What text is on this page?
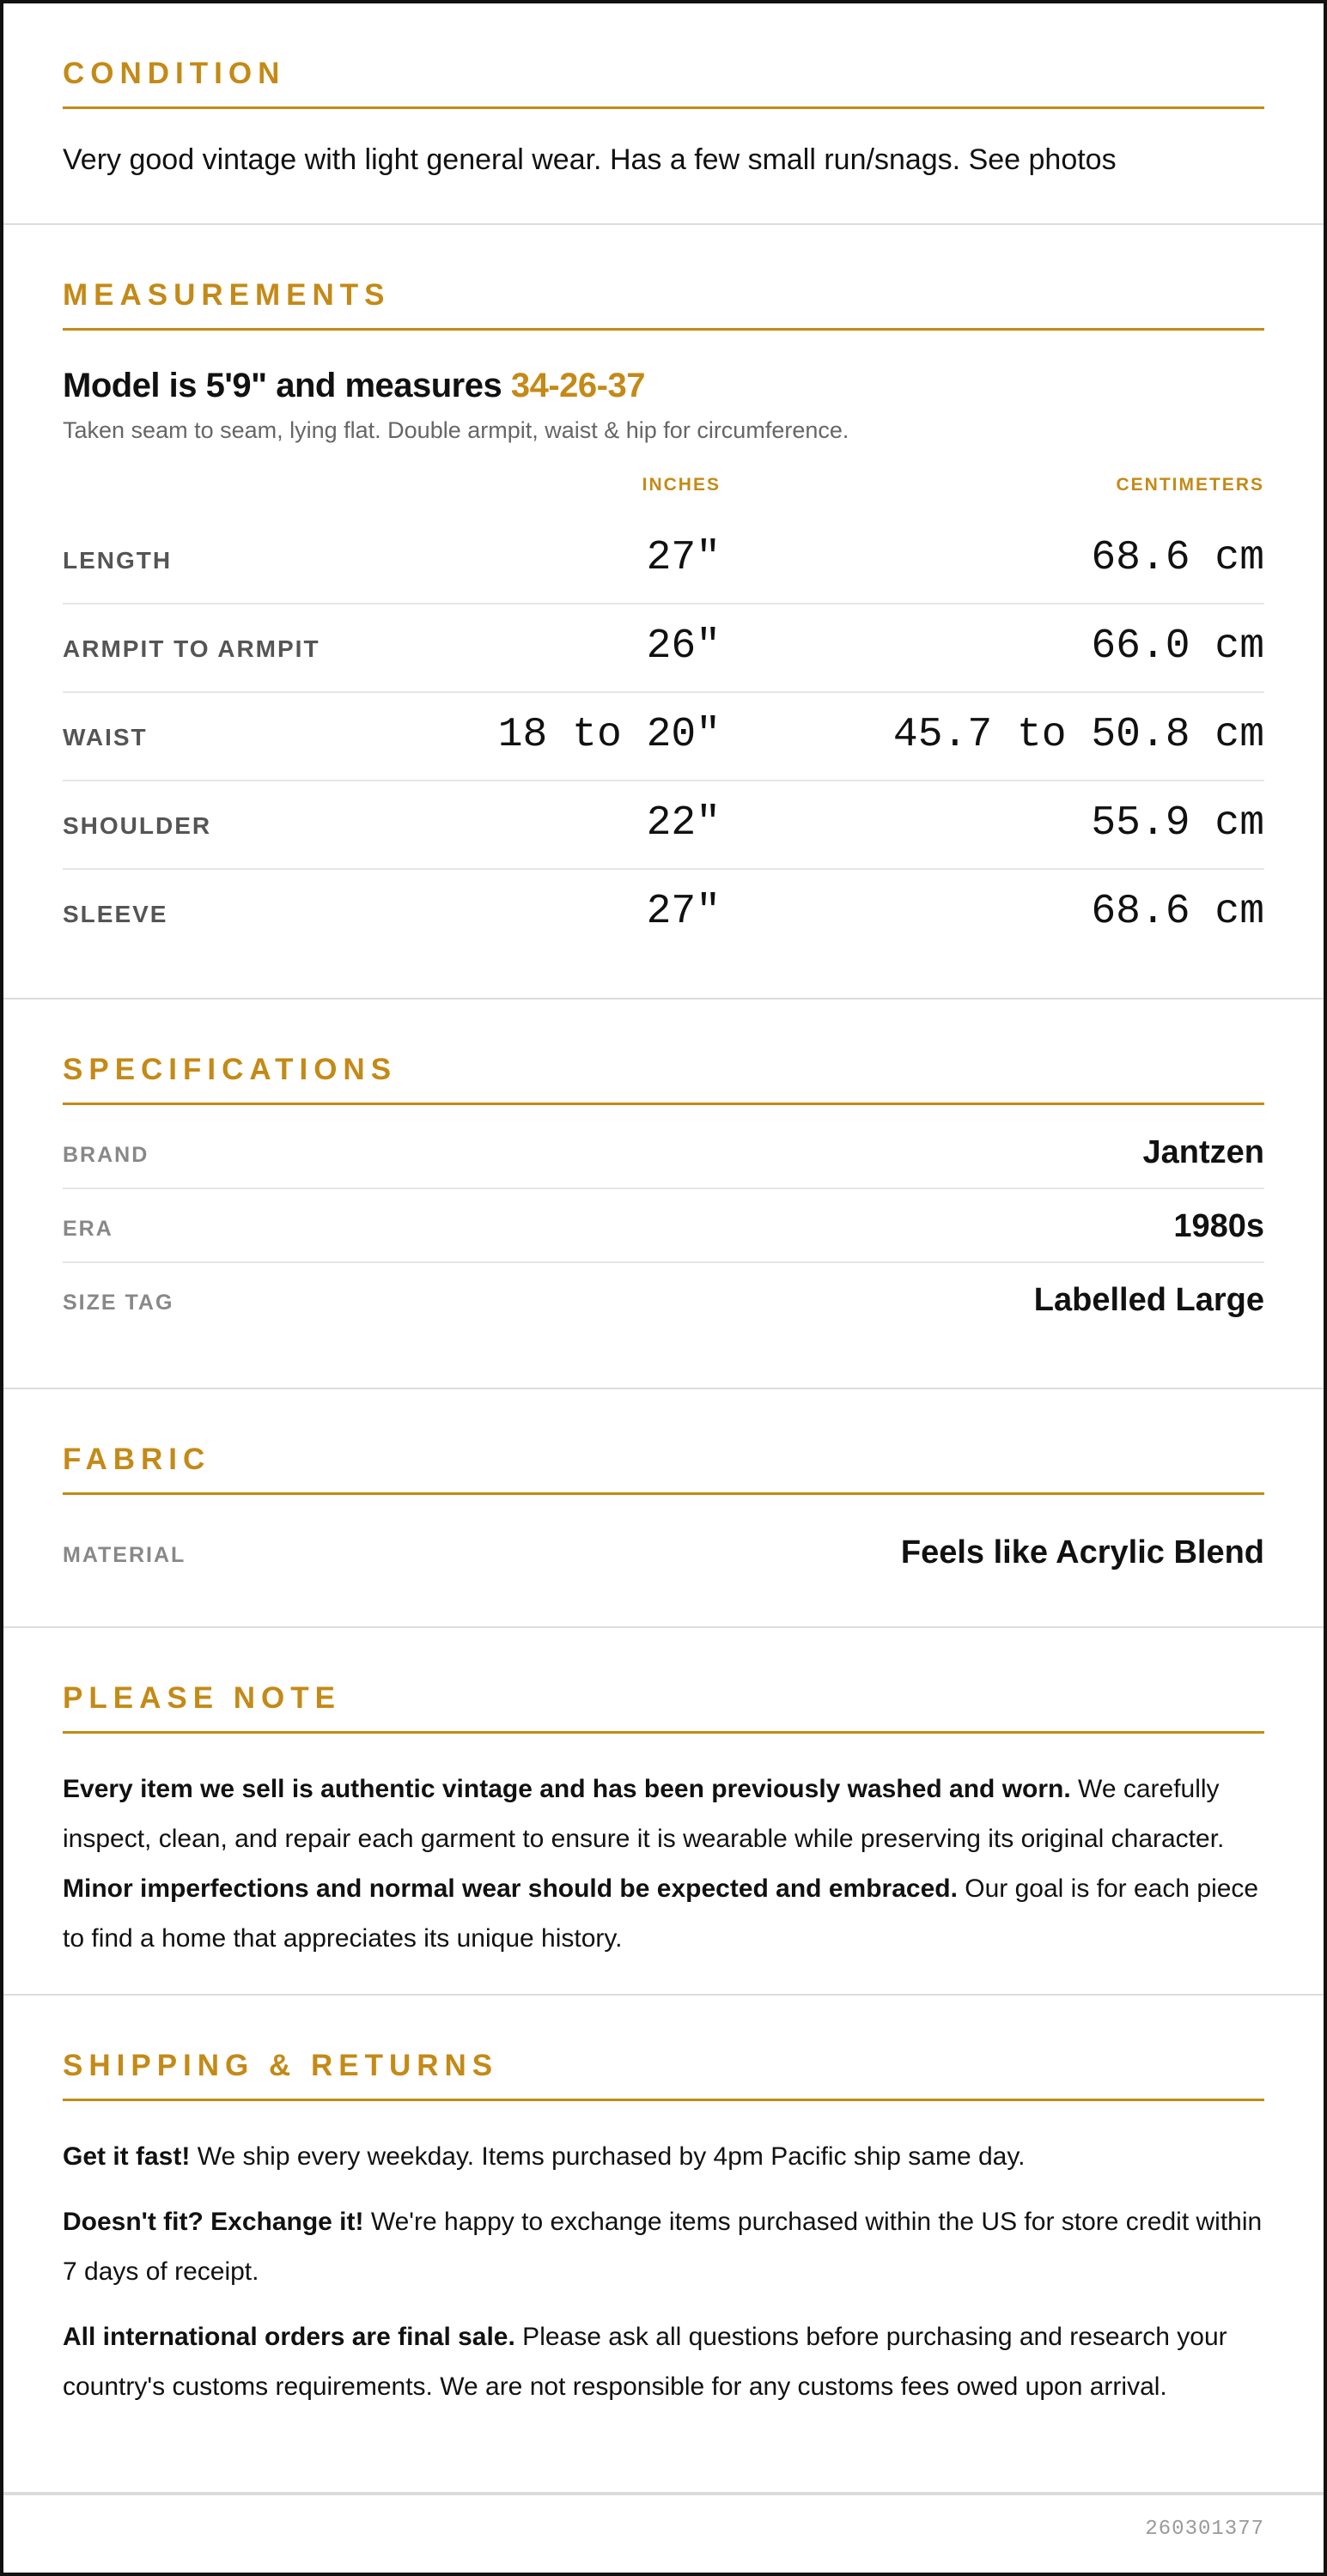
CONDITION
Very good vintage with light general wear. Has a few small run/snags. See photos
MEASUREMENTS
Model is 5'9" and measures 34-26-37
Taken seam to seam, lying flat. Double armpit, waist & hip for circumference.
INCHES	CENTIMETERS
LENGTH	27"	68.6 cm
ARMPIT TO ARMPIT	26"	66.0 cm
WAIST	18 to 20"	45.7 to 50.8 cm
SHOULDER	22"	55.9 cm
SLEEVE	27"	68.6 cm
SPECIFICATIONS
BRAND	Jantzen
ERA	1980s
SIZE TAG	Labelled Large
FABRIC
MATERIAL	Feels like Acrylic Blend
PLEASE NOTE

Every item we sell is authentic vintage and has been previously washed and worn. We carefully inspect, clean, and repair each garment to ensure it is wearable while preserving its original character. Minor imperfections and normal wear should be expected and embraced. Our goal is for each piece to find a home that appreciates its unique history.

SHIPPING & RETURNS

Get it fast! We ship every weekday. Items purchased by 4pm Pacific ship same day.

Doesn't fit? Exchange it! We're happy to exchange items purchased within the US for store credit within 7 days of receipt.

All international orders are final sale. Please ask all questions before purchasing and research your country's customs requirements. We are not responsible for any customs fees owed upon arrival.

260301377
